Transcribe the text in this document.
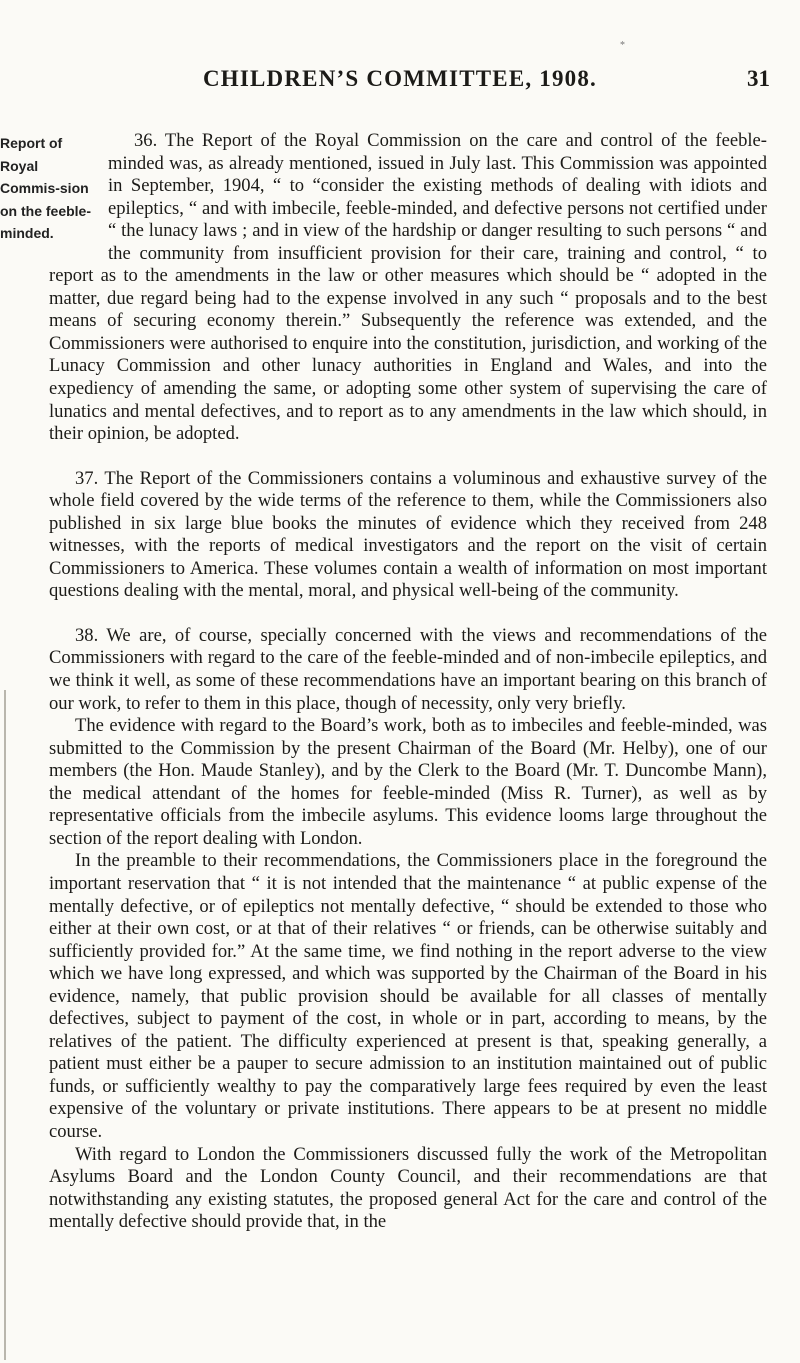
*
CHILDREN’S COMMITTEE, 1908.	31

Report of Royal Commis-sion on the feeble-minded.
36. The Report of the Royal Commission on the care and control of the feeble-minded was, as already mentioned, issued in July last. This Commission was appointed in September, 1904, “ to “consider the existing methods of dealing with idiots and epileptics, “ and with imbecile, feeble-minded, and defective persons not certified under “ the lunacy laws ; and in view of the hardship or danger resulting to such persons “ and the community from insufficient provision for their care, training and control, “ to report as to the amendments in the law or other measures which should be “ adopted in the matter, due regard being had to the expense involved in any such “ proposals and to the best means of securing economy therein.” Subsequently the reference was extended, and the Commissioners were authorised to enquire into the constitution, jurisdiction, and working of the Lunacy Commission and other lunacy authorities in England and Wales, and into the expediency of amending the same, or adopting some other system of supervising the care of lunatics and mental defectives, and to report as to any amendments in the law which should, in their opinion, be adopted.

37. The Report of the Commissioners contains a voluminous and exhaustive survey of the whole field covered by the wide terms of the reference to them, while the Commissioners also published in six large blue books the minutes of evidence which they received from 248 witnesses, with the reports of medical investigators and the report on the visit of certain Commissioners to America. These volumes contain a wealth of information on most important questions dealing with the mental, moral, and physical well-being of the community.

38. We are, of course, specially concerned with the views and recommendations of the Commissioners with regard to the care of the feeble-minded and of non-imbecile epileptics, and we think it well, as some of these recommendations have an important bearing on this branch of our work, to refer to them in this place, though of necessity, only very briefly.

The evidence with regard to the Board’s work, both as to imbeciles and feeble-minded, was submitted to the Commission by the present Chairman of the Board (Mr. Helby), one of our members (the Hon. Maude Stanley), and by the Clerk to the Board (Mr. T. Duncombe Mann), the medical attendant of the homes for feeble-minded (Miss R. Turner), as well as by representative officials from the imbecile asylums. This evidence looms large throughout the section of the report dealing with London.

In the preamble to their recommendations, the Commissioners place in the foreground the important reservation that “ it is not intended that the maintenance “ at public expense of the mentally defective, or of epileptics not mentally defective, “ should be extended to those who either at their own cost, or at that of their relatives “ or friends, can be otherwise suitably and sufficiently provided for.” At the same time, we find nothing in the report adverse to the view which we have long expressed, and which was supported by the Chairman of the Board in his evidence, namely, that public provision should be available for all classes of mentally defectives, subject to payment of the cost, in whole or in part, according to means, by the relatives of the patient. The difficulty experienced at present is that, speaking generally, a patient must either be a pauper to secure admission to an institution maintained out of public funds, or sufficiently wealthy to pay the comparatively large fees required by even the least expensive of the voluntary or private institutions. There appears to be at present no middle course.

With regard to London the Commissioners discussed fully the work of the Metropolitan Asylums Board and the London County Council, and their recommendations are that notwithstanding any existing statutes, the proposed general Act for the care and control of the mentally defective should provide that, in the
